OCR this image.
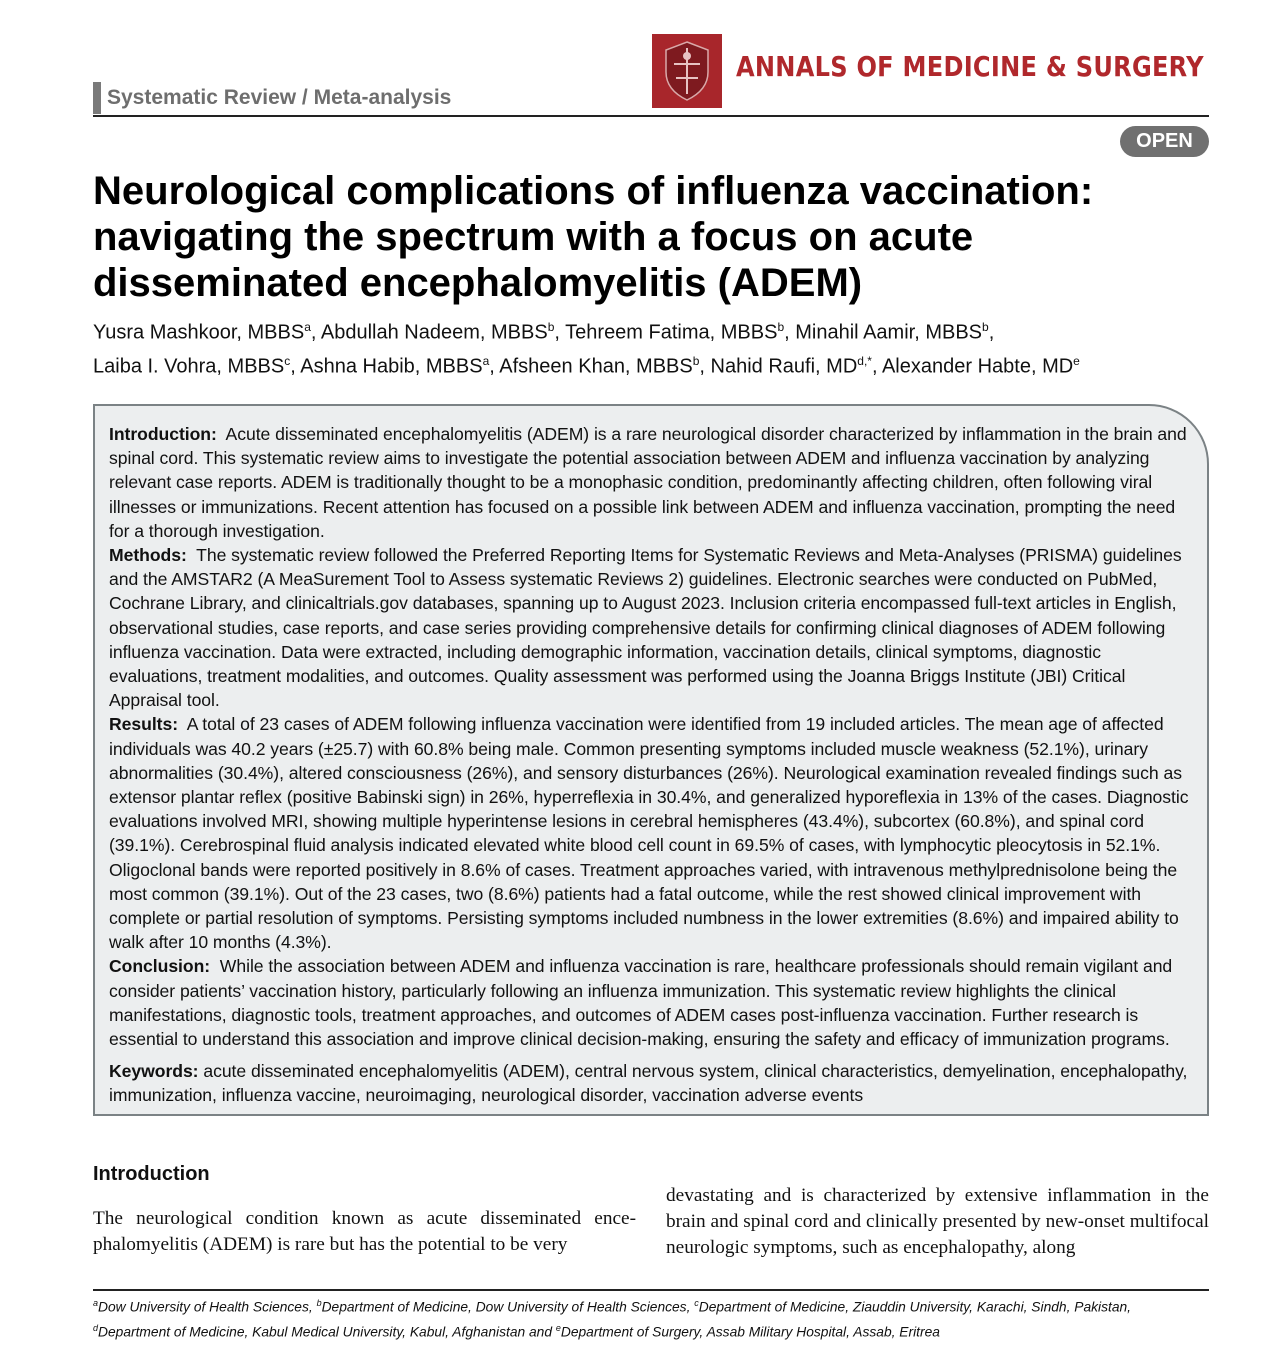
Systematic Review / Meta-analysis
ANNALS OF MEDICINE & SURGERY
OPEN
Neurological complications of influenza vaccination: navigating the spectrum with a focus on acute disseminated encephalomyelitis (ADEM)
Yusra Mashkoor, MBBS$^a$, Abdullah Nadeem, MBBS$^b$, Tehreem Fatima, MBBS$^b$, Minahil Aamir, MBBS$^b$,
Laiba I. Vohra, MBBS$^c$, Ashna Habib, MBBS$^a$, Afsheen Khan, MBBS$^b$, Nahid Raufi, $MD^{d,*}$, Alexander Habte, MDe

Introduction: Acute disseminated encephalomyelitis (ADEM) is a rare neurological disorder characterized by inflammation in the brain and spinal cord. This systematic review aims to investigate the potential association between ADEM and influenza vaccination by analyzing relevant case reports. ADEM is traditionally thought to be a monophasic condition, predominantly affecting children, often following viral illnesses or immunizations. Recent attention has focused on a possible link between ADEM and influenza vaccination, prompting the need for a thorough investigation.

Methods: The systematic review followed the Preferred Reporting Items for Systematic Reviews and Meta-Analyses (PRISMA) guidelines and the AMSTAR2 (A MeaSurement Tool to Assess systematic Reviews 2) guidelines. Electronic searches were conducted on PubMed, Cochrane Library, and clinicaltrials.gov databases, spanning up to August 2023. Inclusion criteria encompassed full-text articles in English, observational studies, case reports, and case series providing comprehensive details for confirming clinical diagnoses of ADEM following influenza vaccination. Data were extracted, including demographic information, vaccination details, clinical symptoms, diagnostic evaluations, treatment modalities, and outcomes. Quality assessment was performed using the Joanna Briggs Institute (JBI) Critical Appraisal tool.

Results: A total of 23 cases of ADEM following influenza vaccination were identified from 19 included articles. The mean age of affected individuals was 40.2 years (±25.7) with 60.8% being male. Common presenting symptoms included muscle weakness (52.1%), urinary abnormalities (30.4%), altered consciousness (26%), and sensory disturbances (26%). Neurological examination revealed findings such as extensor plantar reflex (positive Babinski sign) in 26%, hyperreflexia in 30.4%, and generalized hyporeflexia in 13% of the cases. Diagnostic evaluations involved MRI, showing multiple hyperintense lesions in cerebral hemispheres (43.4%), subcortex (60.8%), and spinal cord (39.1%). Cerebrospinal fluid analysis indicated elevated white blood cell count in 69.5% of cases, with lymphocytic pleocytosis in 52.1%. Oligoclonal bands were reported positively in 8.6% of cases. Treatment approaches varied, with intravenous methylprednisolone being the most common (39.1%). Out of the 23 cases, two (8.6%) patients had a fatal outcome, while the rest showed clinical improvement with complete or partial resolution of symptoms. Persisting symptoms included numbness in the lower extremities (8.6%) and impaired ability to walk after 10 months (4.3%).

Conclusion: While the association between ADEM and influenza vaccination is rare, healthcare professionals should remain vigilant and consider patients’ vaccination history, particularly following an influenza immunization. This systematic review highlights the clinical manifestations, diagnostic tools, treatment approaches, and outcomes of ADEM cases post-influenza vaccination. Further research is essential to understand this association and improve clinical decision-making, ensuring the safety and efficacy of immunization programs.

Keywords: acute disseminated encephalomyelitis (ADEM), central nervous system, clinical characteristics, demyelination, encephalopathy, immunization, influenza vaccine, neuroimaging, neurological disorder, vaccination adverse events

Introduction
The neurological condition known as acute disseminated ence-phalomyelitis (ADEM) is rare but has the potential to be very
devastating and is characterized by extensive inflammation in the brain and spinal cord and clinically presented by new-onset multifocal neurologic symptoms, such as encephalopathy, along
$^a$Dow University of Health Sciences, $^b$Department of Medicine, Dow University of Health Sciences, $^c$Department of Medicine, Ziauddin University, Karachi, Sindh, Pakistan,
$^d$Department of Medicine, Kabul Medical University, Kabul, Afghanistan and $^e$Department of Surgery, Assab Military Hospital, Assab, Eritrea
